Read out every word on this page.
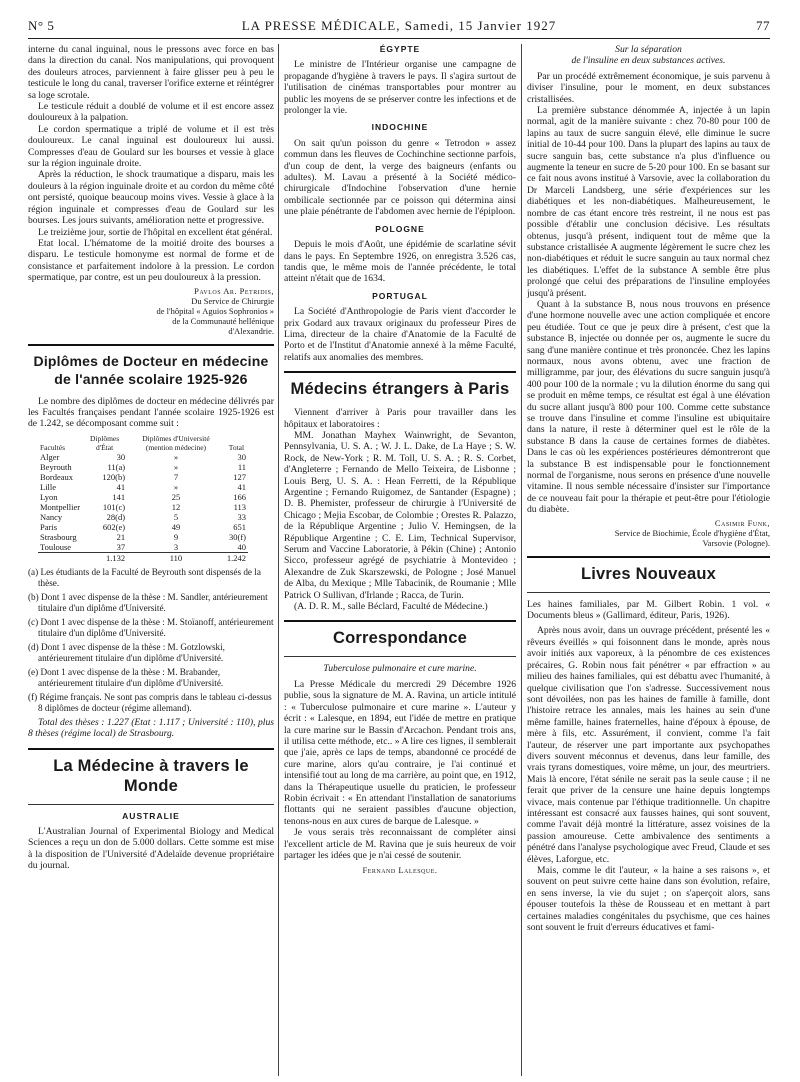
N° 5	LA PRESSE MÉDICALE, Samedi, 15 Janvier 1927	77

interne du canal inguinal, nous le pressons avec force en bas dans la direction du canal. Nos manipulations, qui provoquent des douleurs atroces, parviennent à faire glisser peu à peu le testicule le long du canal, traverser l'orifice externe et réintégrer sa loge scrotale.

Le testicule réduit a doublé de volume et il est encore assez douloureux à la palpation.

Le cordon spermatique a triplé de volume et il est très douloureux. Le canal inguinal est douloureux lui aussi. Compresses d'eau de Goulard sur les bourses et vessie à glace sur la région inguinale droite.

Après la réduction, le shock traumatique a disparu, mais les douleurs à la région inguinale droite et au cordon du même côté ont persisté, quoique beaucoup moins vives. Vessie à glace à la région inguinale et compresses d'eau de Goulard sur les bourses. Les jours suivants, amélioration nette et progressive.

Le treizième jour, sortie de l'hôpital en excellent état général.

Etat local. L'hématome de la moitié droite des bourses a disparu. Le testicule homonyme est normal de forme et de consistance et parfaitement indolore à la pression. Le cordon spermatique, par contre, est un peu douloureux à la pression.

Pavlos Ar. Petridis,
Du Service de Chirurgie
de l'hôpital « Aguios Sophronios »
de la Communauté hellénique
d'Alexandrie.
Diplômes de Docteur en médecine de l'année scolaire 1925-926

Le nombre des diplômes de docteur en médecine délivrés par les Facultés françaises pendant l'année scolaire 1925-1926 est de 1.242, se décomposant comme suit :

Facultés	Diplômes d'État	Diplômes d'Université (mention médecine)	Total
Alger	30	»	30
Beyrouth	11(a)	»	11
Bordeaux	120(b)	7	127
Lille	41	»	41
Lyon	141	25	166
Montpellier	101(c)	12	113
Nancy	28(d)	5	33
Paris	602(e)	49	651
Strasbourg	21	9	30(f)
Toulouse	37	3	40
	1.132	110	1.242

(a) Les étudiants de la Faculté de Beyrouth sont dispensés de la thèse.

(b) Dont 1 avec dispense de la thèse : M. Sandler, antérieurement titulaire d'un diplôme d'Université.

(c) Dont 1 avec dispense de la thèse : M. Stoïanoff, antérieurement titulaire d'un diplôme d'Université.

(d) Dont 1 avec dispense de la thèse : M. Gotzlowski, antérieurement titulaire d'un diplôme d'Université.

(e) Dont 1 avec dispense de la thèse : M. Brabander, antérieurement titulaire d'un diplôme d'Université.

(f) Régime français. Ne sont pas compris dans le tableau ci-dessus 8 diplômes de docteur (régime allemand).

Total des thèses : 1.227 (Etat : 1.117 ; Université : 110), plus 8 thèses (régime local) de Strasbourg.

La Médecine à travers le Monde
AUSTRALIE

L'Australian Journal of Experimental Biology and Medical Sciences a reçu un don de 5.000 dollars. Cette somme est mise à la disposition de l'Université d'Adelaïde devenue propriétaire du journal.

ÉGYPTE

Le ministre de l'Intérieur organise une campagne de propagande d'hygiène à travers le pays. Il s'agira surtout de l'utilisation de cinémas transportables pour montrer au public les moyens de se préserver contre les infections et de prolonger la vie.

INDOCHINE

On sait qu'un poisson du genre « Tetrodon » assez commun dans les fleuves de Cochinchine sectionne parfois, d'un coup de dent, la verge des baigneurs (enfants ou adultes). M. Lavau a présenté à la Société médico-chirurgicale d'Indochine l'observation d'une hernie ombilicale sectionnée par ce poisson qui détermina ainsi une plaie pénétrante de l'abdomen avec hernie de l'épiploon.

POLOGNE

Depuis le mois d'Août, une épidémie de scarlatine sévit dans le pays. En Septembre 1926, on enregistra 3.526 cas, tandis que, le même mois de l'année précédente, le total atteint n'était que de 1634.

PORTUGAL

La Société d'Anthropologie de Paris vient d'accorder le prix Godard aux travaux originaux du professeur Pires de Lima, directeur de la chaire d'Anatomie de la Faculté de Porto et de l'Institut d'Anatomie annexé à la même Faculté, relatifs aux anomalies des membres.

Médecins étrangers à Paris

Viennent d'arriver à Paris pour travailler dans les hôpitaux et laboratoires :

MM. Jonathan Mayhex Wainwright, de Sevanton, Pennsylvania, U. S. A. ; W. J. L. Dake, de La Haye ; S. W. Rock, de New-York ; R. M. Toll, U. S. A. ; R. S. Corbet, d'Angleterre ; Fernando de Mello Teixeira, de Lisbonne ; Louis Berg, U. S. A. : Hean Ferretti, de la République Argentine ; Fernando Ruigomez, de Santander (Espagne) ; D. B. Phemister, professeur de chirurgie à l'Université de Chicago ; Mejia Escobar, de Colombie ; Orestes R. Palazzo, de la République Argentine ; Julio V. Hemingsen, de la République Argentine ; C. E. Lim, Technical Supervisor, Serum and Vaccine Laboratorie, à Pékin (Chine) ; Antonio Sicco, professeur agrégé de psychiatrie à Montevideo ; Alexandre de Zuk Skarszewski, de Pologne ; José Manuel de Alba, du Mexique ; Mlle Tabacinik, de Roumanie ; Mlle Patrick O Sullivan, d'Irlande ; Racca, de Turin.

(A. D. R. M., salle Béclard, Faculté de Médecine.)

Correspondance
Tuberculose pulmonaire et cure marine.

La Presse Médicale du mercredi 29 Décembre 1926 publie, sous la signature de M. A. Ravina, un article intitulé : « Tuberculose pulmonaire et cure marine ». L'auteur y écrit : « Lalesque, en 1894, eut l'idée de mettre en pratique la cure marine sur le Bassin d'Arcachon. Pendant trois ans, il utilisa cette méthode, etc.. » A lire ces lignes, il semblerait que j'aie, après ce laps de temps, abandonné ce procédé de cure marine, alors qu'au contraire, je l'ai continué et intensifié tout au long de ma carrière, au point que, en 1912, dans la Thérapeutique usuelle du praticien, le professeur Robin écrivait : « En attendant l'installation de sanatoriums flottants qui ne seraient passibles d'aucune objection, tenons-nous en aux cures de barque de Lalesque. »

Je vous serais très reconnaissant de compléter ainsi l'excellent article de M. Ravina que je suis heureux de voir partager les idées que je n'ai cessé de soutenir.

Fernand Lalesque.
Sur la séparation
de l'insuline en deux substances actives.

Par un procédé extrêmement économique, je suis parvenu à diviser l'insuline, pour le moment, en deux substances cristallisées.

La première substance dénommée A, injectée à un lapin normal, agit de la manière suivante : chez 70-80 pour 100 de lapins au taux de sucre sanguin élevé, elle diminue le sucre initial de 10-44 pour 100. Dans la plupart des lapins au taux de sucre sanguin bas, cette substance n'a plus d'influence ou augmente la teneur en sucre de 5-20 pour 100. En se basant sur ce fait nous avons institué à Varsovie, avec la collaboration du Dr Marceli Landsberg, une série d'expériences sur les diabétiques et les non-diabétiques. Malheureusement, le nombre de cas étant encore très restreint, il ne nous est pas possible d'établir une conclusion décisive. Les résultats obtenus, jusqu'à présent, indiquent tout de même que la substance cristallisée A augmente légèrement le sucre chez les non-diabétiques et réduit le sucre sanguin au taux normal chez les diabétiques. L'effet de la substance A semble être plus prolongé que celui des préparations de l'insuline employées jusqu'à présent.

Quant à la substance B, nous nous trouvons en présence d'une hormone nouvelle avec une action compliquée et encore peu étudiée. Tout ce que je peux dire à présent, c'est que la substance B, injectée ou donnée per os, augmente le sucre du sang d'une manière continue et très prononcée. Chez les lapins normaux, nous avons obtenu, avec une fraction de milligramme, par jour, des élévations du sucre sanguin jusqu'à 400 pour 100 de la normale ; vu la dilution énorme du sang qui se produit en même temps, ce résultat est égal à une élévation du sucre allant jusqu'à 800 pour 100. Comme cette substance se trouve dans l'insuline et comme l'insuline est ubiquitaire dans la nature, il reste à déterminer quel est le rôle de la substance B dans la cause de certaines formes de diabètes. Dans le cas où les expériences postérieures démontreront que la substance B est indispensable pour le fonctionnement normal de l'organisme, nous serons en présence d'une nouvelle vitamine. Il nous semble nécessaire d'insister sur l'importance de ce nouveau fait pour la thérapie et peut-être pour l'étiologie du diabète.

Casimir Funk,
Service de Biochimie, École d'hygiène d'État,
Varsovie (Pologne).
Livres Nouveaux

Les haines familiales, par M. Gilbert Robin. 1 vol. « Documents bleus » (Gallimard, éditeur, Paris, 1926).

Après nous avoir, dans un ouvrage précédent, présenté les « rêveurs éveillés » qui foisonnent dans le monde, après nous avoir initiés aux vaporeux, à la pénombre de ces existences précaires, G. Robin nous fait pénétrer « par effraction » au milieu des haines familiales, qui est débattu avec l'humanité, à quelque civilisation que l'on s'adresse. Successivement nous sont dévoilées, non pas les haines de famille à famille, dont l'histoire retrace les annales, mais les haines au sein d'une même famille, haines fraternelles, haine d'époux à épouse, de mère à fils, etc. Assurément, il convient, comme l'a fait l'auteur, de réserver une part importante aux psychopathes divers souvent méconnus et devenus, dans leur famille, des vrais tyrans domestiques, voire même, un jour, des meurtriers. Mais là encore, l'état sénile ne serait pas la seule cause ; il ne ferait que priver de la censure une haine depuis longtemps vivace, mais contenue par l'éthique traditionnelle. Un chapitre intéressant est consacré aux fausses haines, qui sont souvent, comme l'avait déjà montré la littérature, assez voisines de la passion amoureuse. Cette ambivalence des sentiments a pénétré dans l'analyse psychologique avec Freud, Claude et ses élèves, Laforgue, etc.

Mais, comme le dit l'auteur, « la haine a ses raisons », et souvent on peut suivre cette haine dans son évolution, refaire, en sens inverse, la vie du sujet ; on s'aperçoit alors, sans épouser toutefois la thèse de Rousseau et en mettant à part certaines maladies congénitales du psychisme, que ces haines sont souvent le fruit d'erreurs éducatives et fami-
